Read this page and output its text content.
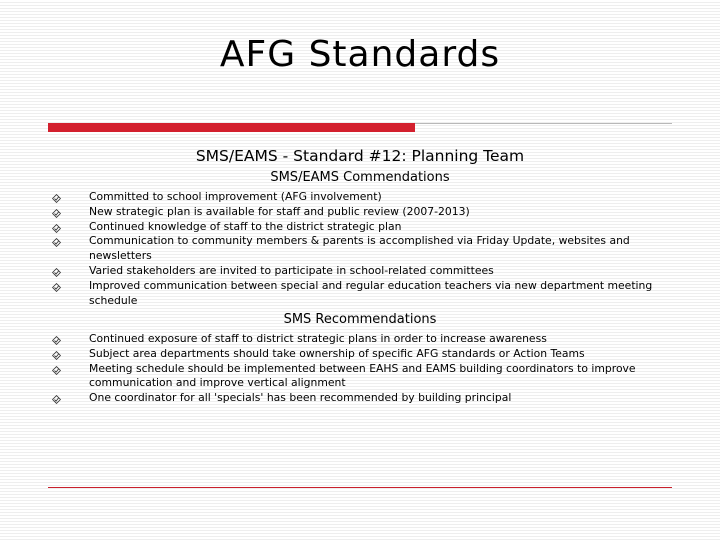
AFG Standards
SMS/EAMS - Standard #12: Planning Team
SMS/EAMS Commendations
Committed to school improvement (AFG involvement)
New strategic plan is available for staff and public review (2007-2013)
Continued knowledge of staff to the district strategic plan
Communication to community members & parents is accomplished via Friday Update, websites and newsletters
Varied stakeholders are invited to participate in school-related committees
Improved communication between special and regular education teachers via new department meeting schedule
SMS Recommendations
Continued exposure of staff to district strategic plans in order to increase awareness
Subject area departments should take ownership of specific AFG standards or Action Teams
Meeting schedule should be implemented between EAHS and EAMS building coordinators to improve communication and improve vertical alignment
One coordinator for all 'specials' has been recommended by building principal
